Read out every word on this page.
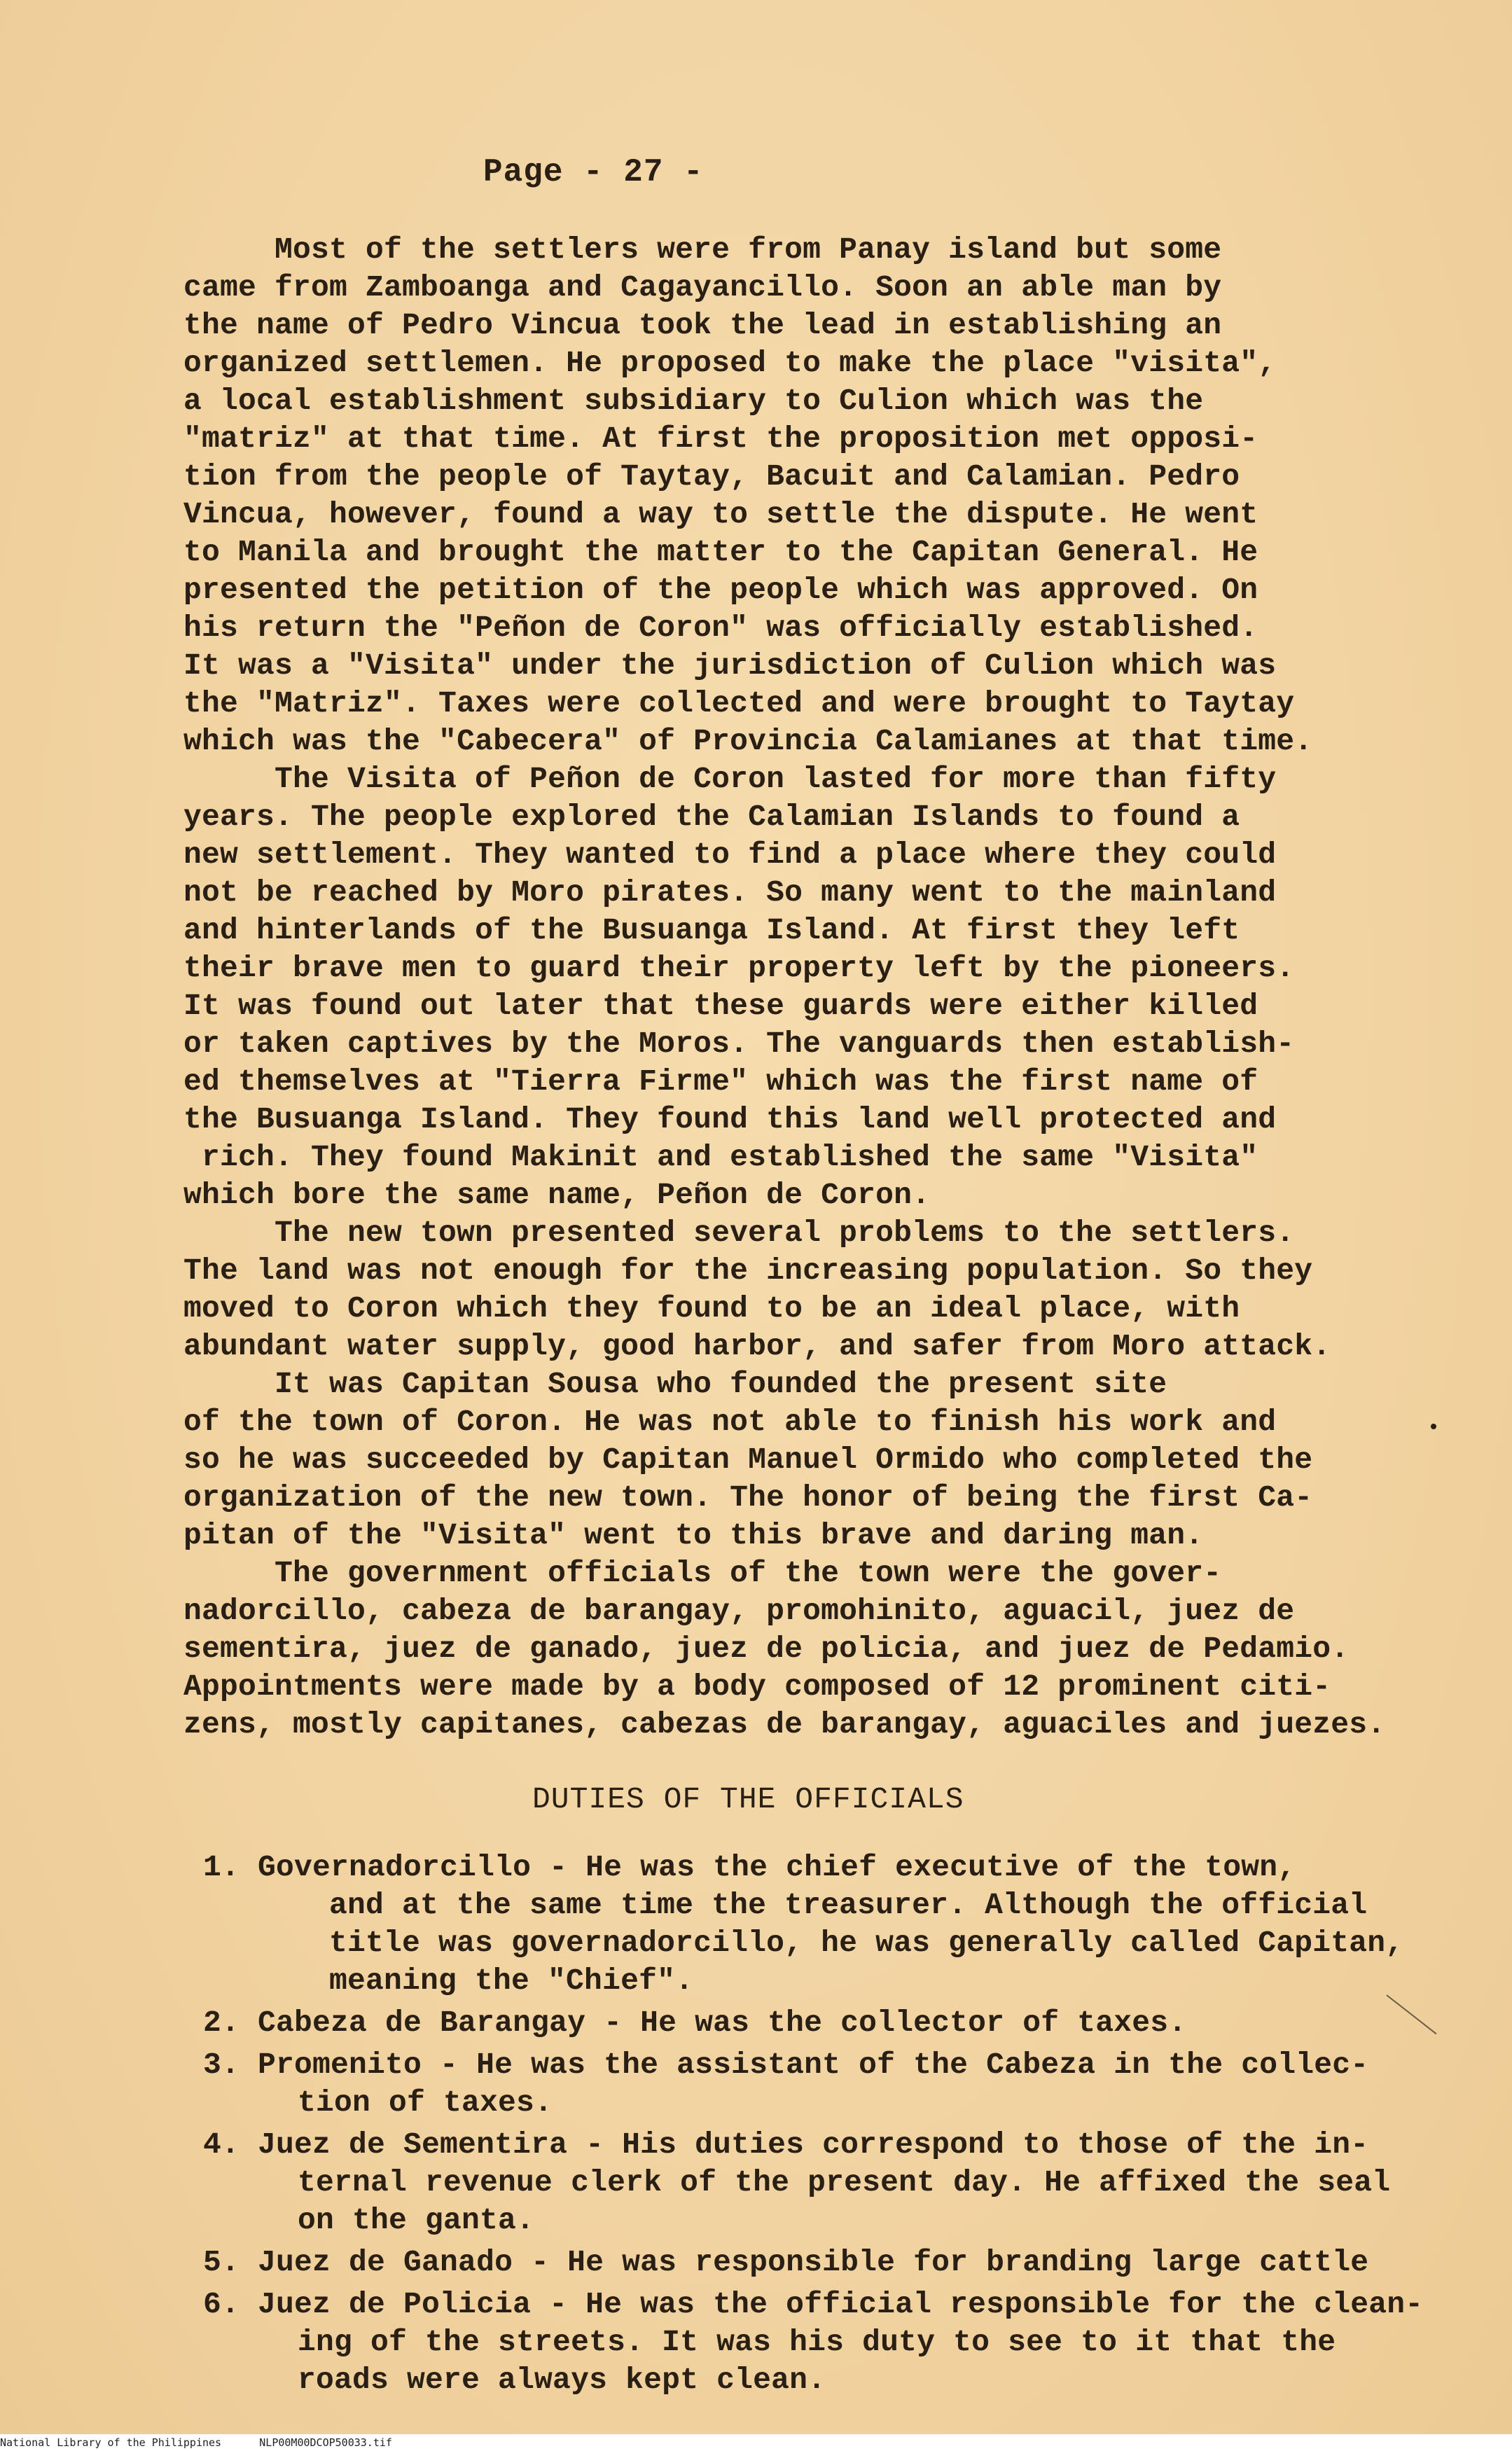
Page - 27 -
Most of the settlers were from Panay island but some
came from Zamboanga and Cagayancillo. Soon an able man by
the name of Pedro Vincua took the lead in establishing an
organized settlemen. He proposed to make the place "visita",
a local establishment subsidiary to Culion which was the
"matriz" at that time. At first the proposition met opposi-
tion from the people of Taytay, Bacuit and Calamian. Pedro
Vincua, however, found a way to settle the dispute. He went
to Manila and brought the matter to the Capitan General. He
presented the petition of the people which was approved. On
his return the "Peñon de Coron" was officially established.
It was a "Visita" under the jurisdiction of Culion which was
the "Matriz". Taxes were collected and were brought to Taytay
which was the "Cabecera" of Provincia Calamianes at that time.
The Visita of Peñon de Coron lasted for more than fifty
years. The people explored the Calamian Islands to found a
new settlement. They wanted to find a place where they could
not be reached by Moro pirates. So many went to the mainland
and hinterlands of the Busuanga Island. At first they left
their brave men to guard their property left by the pioneers.
It was found out later that these guards were either killed
or taken captives by the Moros. The vanguards then establish-
ed themselves at "Tierra Firme" which was the first name of
the Busuanga Island. They found this land well protected and
rich. They found Makinit and established the same "Visita"
which bore the same name, Peñon de Coron.
The new town presented several problems to the settlers.
The land was not enough for the increasing population. So they
moved to Coron which they found to be an ideal place, with
abundant water supply, good harbor, and safer from Moro attack.
It was Capitan Sousa who founded the present site
of the town of Coron. He was not able to finish his work and
so he was succeeded by Capitan Manuel Ormido who completed the
organization of the new town. The honor of being the first Ca-
pitan of the "Visita" went to this brave and daring man.
The government officials of the town were the gover-
nadorcillo, cabeza de barangay, promohinito, aguacil, juez de
sementira, juez de ganado, juez de policia, and juez de Pedamio.
Appointments were made by a body composed of 12 prominent citi-
zens, mostly capitanes, cabezas de barangay, aguaciles and juezes.
DUTIES OF THE OFFICIALS
1. Governadorcillo - He was the chief executive of the town,
and at the same time the treasurer. Although the official
title was governadorcillo, he was generally called Capitan,
meaning the "Chief".
2. Cabeza de Barangay - He was the collector of taxes.
3. Promenito - He was the assistant of the Cabeza in the collec-
tion of taxes.
4. Juez de Sementira - His duties correspond to those of the in-
ternal revenue clerk of the present day. He affixed the seal
on the ganta.
5. Juez de Ganado - He was responsible for branding large cattle
6. Juez de Policia - He was the official responsible for the clean-
ing of the streets. It was his duty to see to it that the
roads were always kept clean.
National Library of the Philippines	NLP00M00DCOP50033.tif
